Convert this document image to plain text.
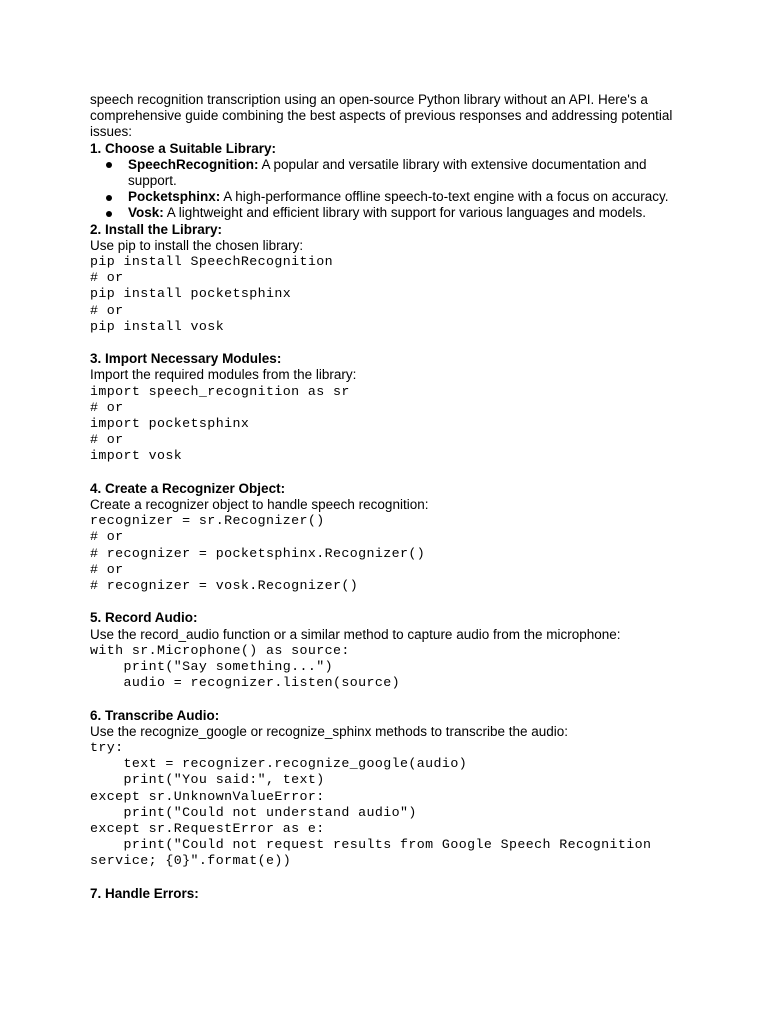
speech recognition transcription using an open-source Python library without an API. Here's a comprehensive guide combining the best aspects of previous responses and addressing potential issues:

1. Choose a Suitable Library:

SpeechRecognition: A popular and versatile library with extensive documentation and support.
Pocketsphinx: A high-performance offline speech-to-text engine with a focus on accuracy.
Vosk: A lightweight and efficient library with support for various languages and models.

2. Install the Library:

Use pip to install the chosen library:

pip install SpeechRecognition

# or

pip install pocketsphinx

# or

pip install vosk

3. Import Necessary Modules:

Import the required modules from the library:

import speech_recognition as sr

# or

import pocketsphinx

# or

import vosk

4. Create a Recognizer Object:

Create a recognizer object to handle speech recognition:

recognizer = sr.Recognizer()

# or

# recognizer = pocketsphinx.Recognizer()

# or

# recognizer = vosk.Recognizer()

5. Record Audio:

Use the record_audio function or a similar method to capture audio from the microphone:

with sr.Microphone() as source:

print("Say something...")

audio = recognizer.listen(source)

6. Transcribe Audio:

Use the recognize_google or recognize_sphinx methods to transcribe the audio:

try:

text = recognizer.recognize_google(audio)

print("You said:", text)

except sr.UnknownValueError:

print("Could not understand audio")

except sr.RequestError as e:

print("Could not request results from Google Speech Recognition

service; {0}".format(e))

7. Handle Errors:
